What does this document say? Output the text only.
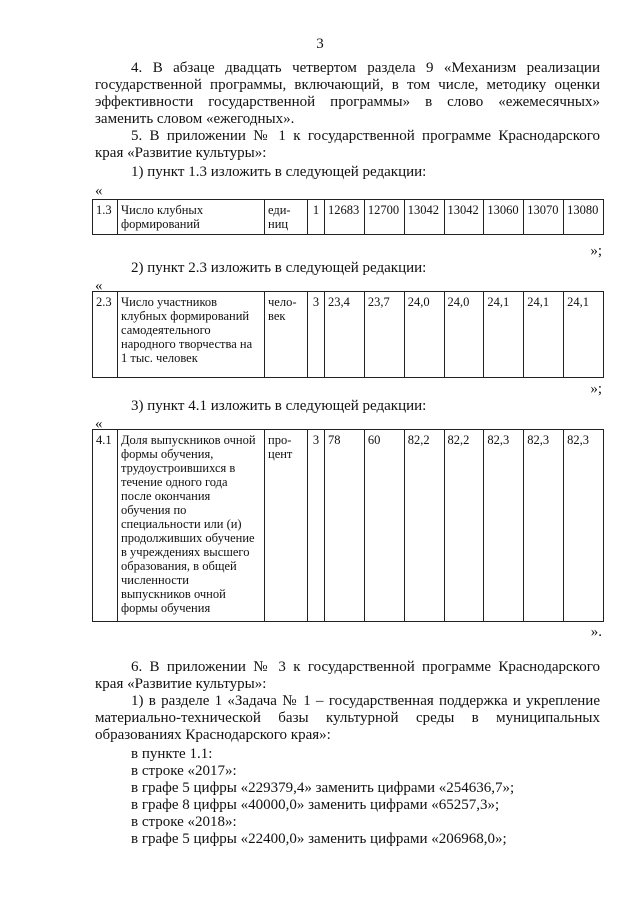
3
4. В абзаце двадцать четвертом раздела 9 «Механизм реализации государственной программы, включающий, в том числе, методику оценки эффективности государственной программы» в слово «ежемесячных» заменить словом «ежегодных».
5. В приложении № 1 к государственной программе Краснодарского края «Развитие культуры»:
1) пункт 1.3 изложить в следующей редакции:
«
1.3	Число клубных формирований	еди-ниц	1	12683	12700	13042	13042	13060	13070	13080
»;
2) пункт 2.3 изложить в следующей редакции:
«
2.3	Число участников клубных формирований самодеятельного народного творчества на 1 тыс. человек	чело-век	3	23,4	23,7	24,0	24,0	24,1	24,1	24,1
»;
3) пункт 4.1 изложить в следующей редакции:
«
4.1	Доля выпускников очной формы обучения, трудоустроившихся в течение одного года после окончания обучения по специальности или (и) продолживших обучение в учреждениях высшего образования, в общей численности выпускников очной формы обучения	про-цент	3	78	60	82,2	82,2	82,3	82,3	82,3
».
6. В приложении № 3 к государственной программе Краснодарского края «Развитие культуры»:
1) в разделе 1 «Задача № 1 – государственная поддержка и укрепление материально-технической базы культурной среды в муниципальных образованиях Краснодарского края»:
в пункте 1.1:
в строке «2017»:
в графе 5 цифры «229379,4» заменить цифрами «254636,7»;
в графе 8 цифры «40000,0» заменить цифрами «65257,3»;
в строке «2018»:
в графе 5 цифры «22400,0» заменить цифрами «206968,0»;
